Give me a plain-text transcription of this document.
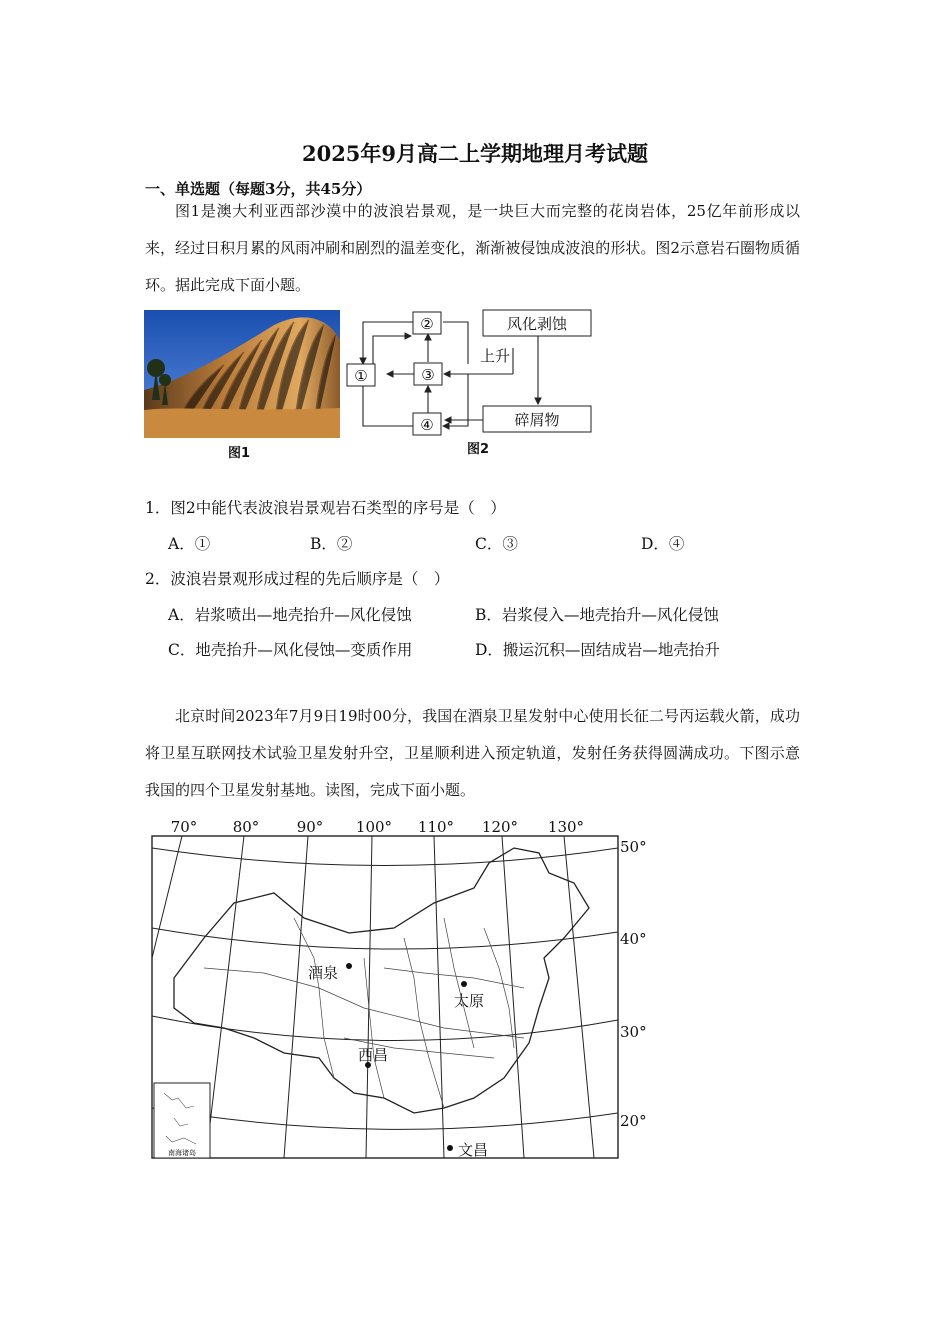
2025年9月高二上学期地理月考试题
一、单选题（每题3分，共45分）

图1是澳大利亚西部沙漠中的波浪岩景观，是一块巨大而完整的花岗岩体，25亿年前形成以来，经过日积月累的风雨冲刷和剧烈的温差变化，渐渐被侵蚀成波浪的形状。图2示意岩石圈物质循环。据此完成下面小题。

图1
①
②
③
④
风化剥蚀
碎屑物
上升
图2
1．图2中能代表波浪岩景观岩石类型的序号是（　）
A．①	B．②	C．③	D．④
2．波浪岩景观形成过程的先后顺序是（　）
A．岩浆喷出—地壳抬升—风化侵蚀	B．岩浆侵入—地壳抬升—风化侵蚀
C．地壳抬升—风化侵蚀—变质作用	D．搬运沉积—固结成岩—地壳抬升

北京时间2023年7月9日19时00分，我国在酒泉卫星发射中心使用长征二号丙运载火箭，成功将卫星互联网技术试验卫星发射升空，卫星顺利进入预定轨道，发射任务获得圆满成功。下图示意我国的四个卫星发射基地。读图，完成下面小题。

南海诸岛
70° 80° 90° 100° 110° 120° 130°
50°
40°
30°
20°
酒泉
太原
西昌
文昌
